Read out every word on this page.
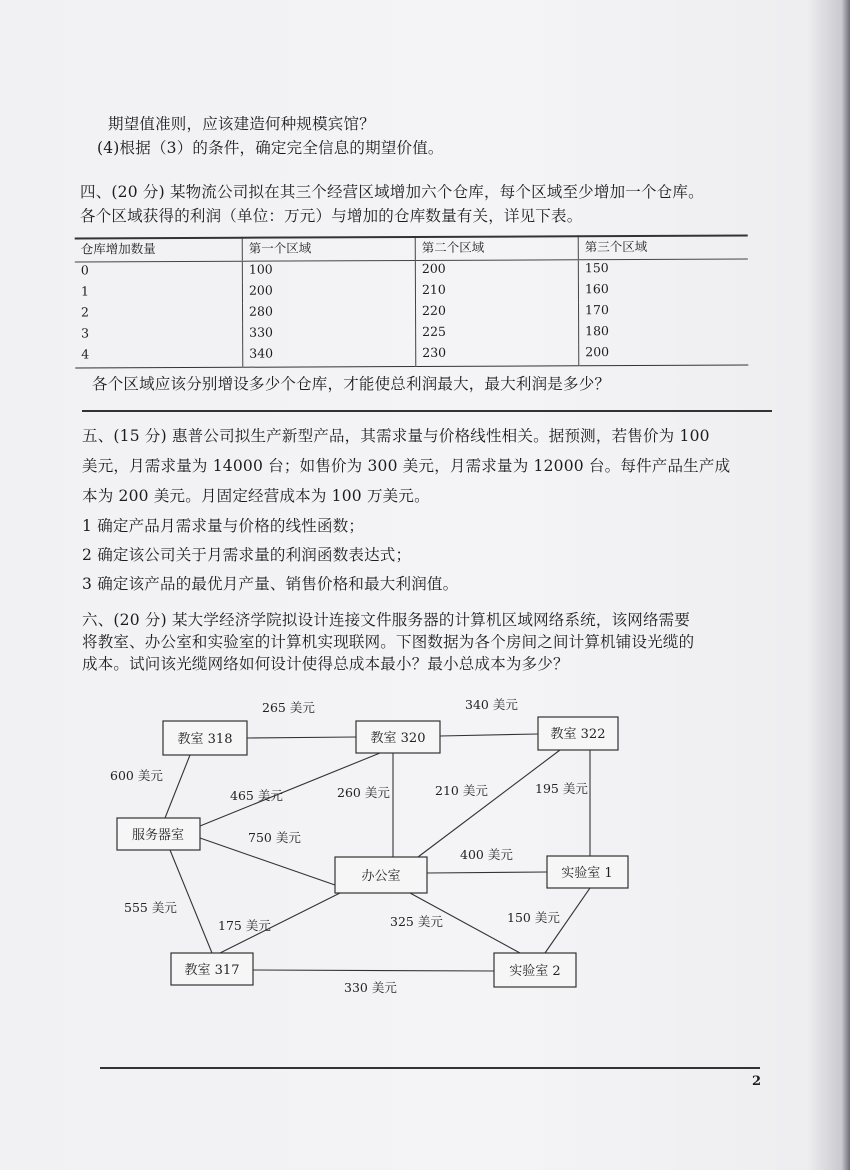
期望值准则，应该建造何种规模宾馆？
(4)根据（3）的条件，确定完全信息的期望价值。
四、(20 分) 某物流公司拟在其三个经营区域增加六个仓库，每个区域至少增加一个仓库。
各个区域获得的利润（单位：万元）与增加的仓库数量有关，详见下表。
仓库增加数量	第一个区域	第二个区域	第三个区域
0	100	200	150
1	200	210	160
2	280	220	170
3	330	225	180
4	340	230	200
各个区域应该分别增设多少个仓库，才能使总利润最大，最大利润是多少？
五、(15 分) 惠普公司拟生产新型产品，其需求量与价格线性相关。据预测，若售价为 100
美元，月需求量为 14000 台；如售价为 300 美元，月需求量为 12000 台。每件产品生产成
本为 200 美元。月固定经营成本为 100 万美元。
1 确定产品月需求量与价格的线性函数；
2 确定该公司关于月需求量的利润函数表达式；
3 确定该产品的最优月产量、销售价格和最大利润值。
六、(20 分) 某大学经济学院拟设计连接文件服务器的计算机区域网络系统，该网络需要
将教室、办公室和实验室的计算机实现联网。下图数据为各个房间之间计算机铺设光缆的
成本。试问该光缆网络如何设计使得总成本最小？最小总成本为多少？
教室 318	教室 320	教室 322
服务器室
办公室	实验室 1
教室 317	实验室 2
265 美元	340 美元
600 美元
465 美元	260 美元	210 美元	195 美元
750 美元
400 美元
555 美元
175 美元	325 美元	150 美元
330 美元
2
